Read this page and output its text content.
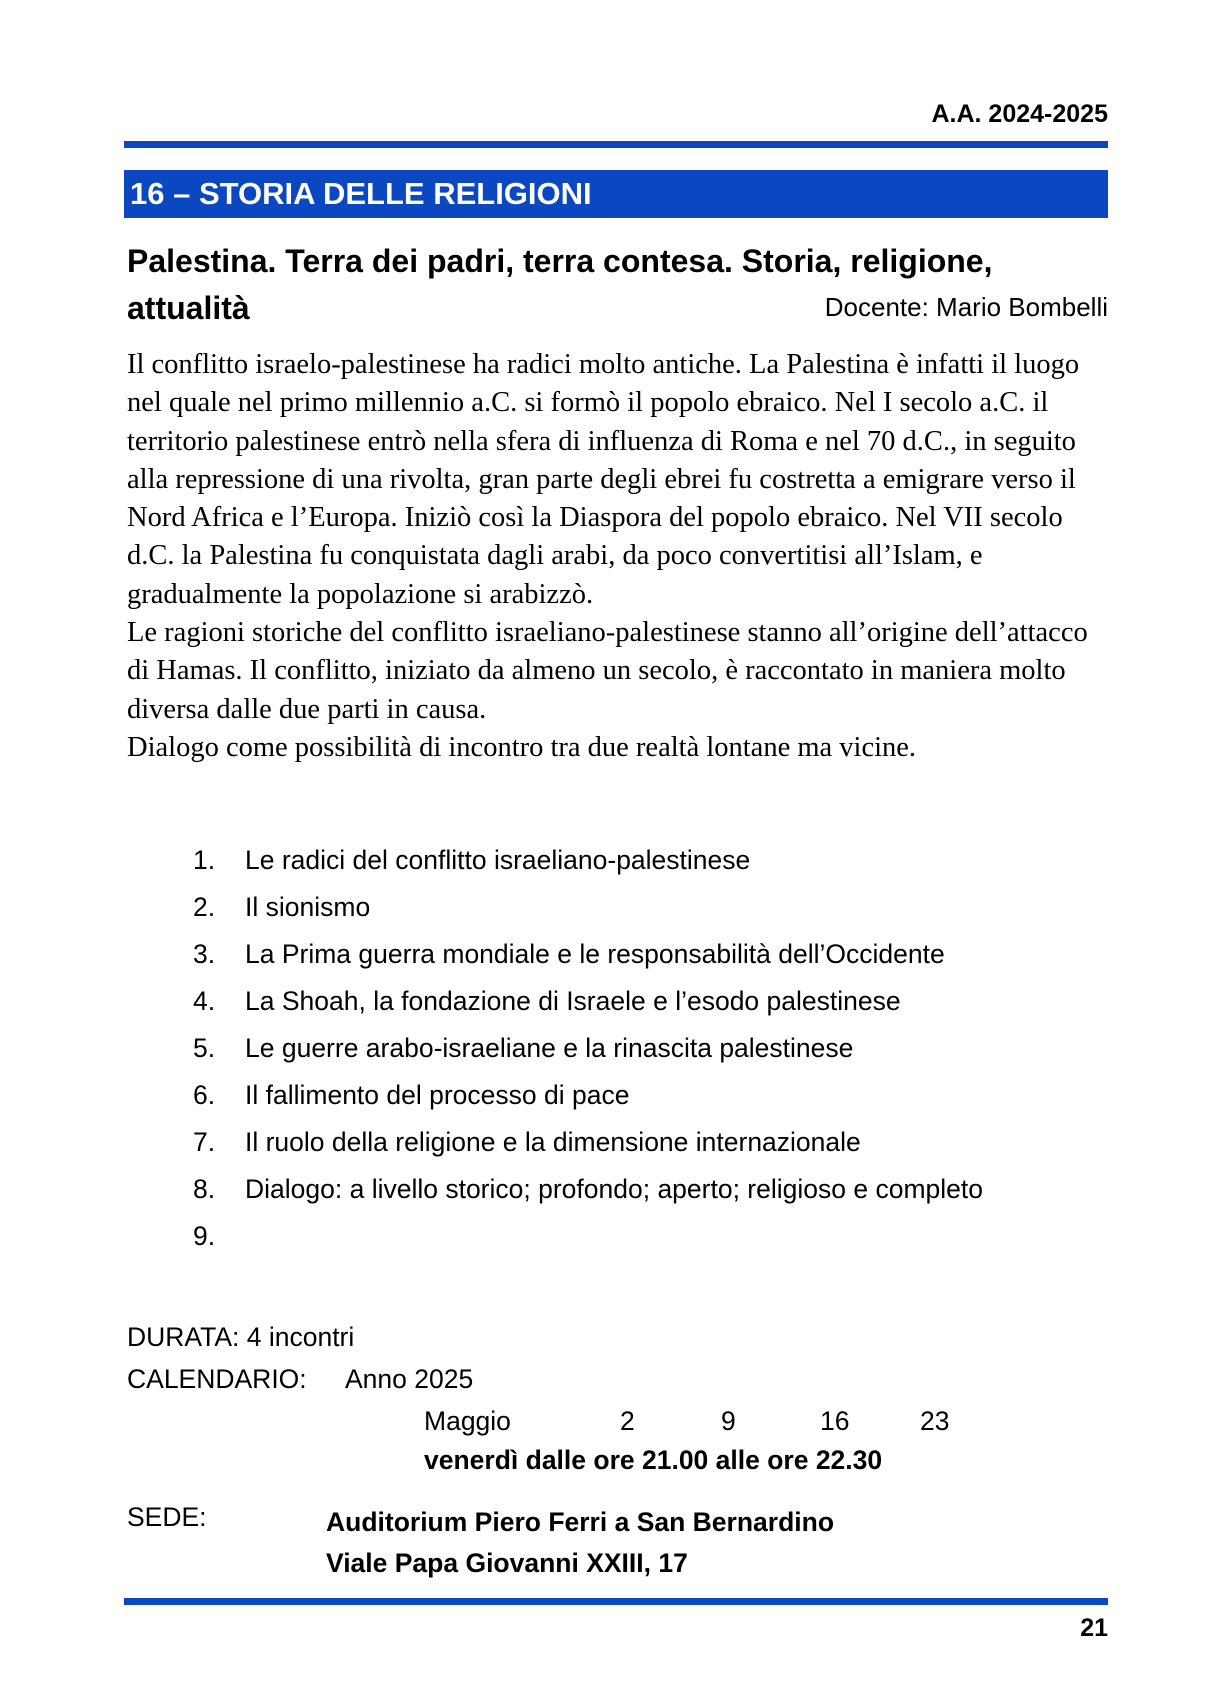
A.A. 2024-2025
16 – STORIA DELLE RELIGIONI
Palestina. Terra dei padri, terra contesa. Storia, religione,
attualità	Docente: Mario Bombelli

Il conflitto israelo-palestinese ha radici molto antiche. La Palestina è infatti il luogo nel quale nel primo millennio a.C. si formò il popolo ebraico. Nel I secolo a.C. il territorio palestinese entrò nella sfera di influenza di Roma e nel 70 d.C., in seguito alla repressione di una rivolta, gran parte degli ebrei fu costretta a emigrare verso il Nord Africa e l’Europa. Iniziò così la Diaspora del popolo ebraico. Nel VII secolo d.C. la Palestina fu conquistata dagli arabi, da poco convertitisi all’Islam, e gradualmente la popolazione si arabizzò.

Le ragioni storiche del conflitto israeliano-palestinese stanno all’origine dell’attacco di Hamas. Il conflitto, iniziato da almeno un secolo, è raccontato in maniera molto diversa dalle due parti in causa.

Dialogo come possibilità di incontro tra due realtà lontane ma vicine.

1. Le radici del conflitto israeliano-palestinese
2. Il sionismo
3. La Prima guerra mondiale e le responsabilità dell’Occidente
4. La Shoah, la fondazione di Israele e l’esodo palestinese
5. Le guerre arabo-israeliane e la rinascita palestinese
6. Il fallimento del processo di pace
7. Il ruolo della religione e la dimensione internazionale
8. Dialogo: a livello storico; profondo; aperto; religioso e completo
9.
DURATA: 4 incontri
CALENDARIO: Anno 2025
Maggio	2	9	16	23
venerdì dalle ore 21.00 alle ore 22.30
SEDE:	Auditorium Piero Ferri a San Bernardino
Viale Papa Giovanni XXIII, 17
21
